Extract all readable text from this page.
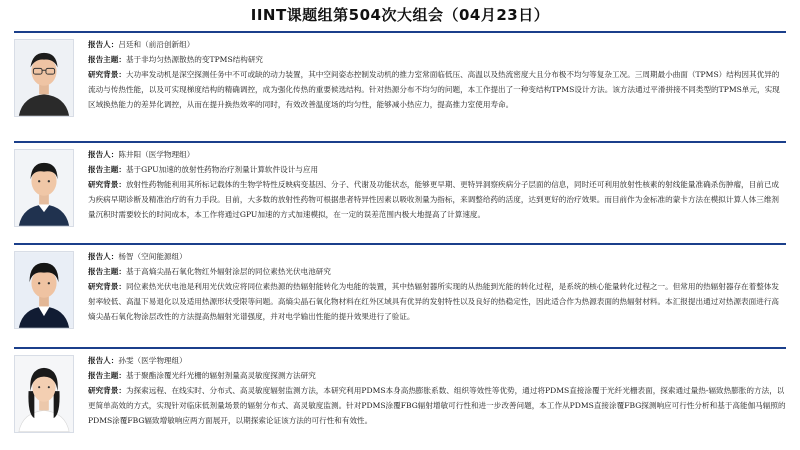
IINT课题组第504次大组会（04月23日）
报告人：吕廷和（前沿创新组）
报告主题：基于非均匀热源散热的变TPMS结构研究
研究背景：大功率发动机是深空探测任务中不可或缺的动力装置，其中空间姿态控制发动机的推力室常面临低压、高温以及热流密度大且分布极不均匀等复杂工况。三周期最小曲面（TPMS）结构因其优异的流动与传热性能，以及可实现梯度结构的精确调控，成为强化传热的重要候选结构。针对热源分布不均匀的问题，本工作提出了一种变结构TPMS设计方法。该方法通过平滑拼接不同类型的TPMS单元，实现区域换热能力的差异化调控，从而在提升换热效率的同时，有效改善温度场的均匀性，能够减小热应力，提高推力室使用寿命。
报告人：陈井阳（医学物理组）
报告主题：基于GPU加速的放射性药物治疗剂量计算软件设计与应用
研究背景：放射性药物能利用其所标记载体的生物学特性反映病变基因、分子、代谢及功能状态，能够更早期、更特异洞察疾病分子层面的信息，同时还可利用放射性核素的射线能量准确杀伤肿瘤，目前已成为疾病早期诊断及精准治疗的有力手段。目前，大多数的放射性药物可根据患者特异性因素以吸收剂量为指标，来调整给药的活度，达到更好的治疗效果。而目前作为金标准的蒙卡方法在模拟计算人体三维剂量沉积时需要较长的时间成本，本工作将通过GPU加速的方式加速模拟，在一定的误差范围内极大地提高了计算速度。
报告人：杨智（空间能源组）
报告主题：基于高熵尖晶石氧化物红外辐射涂层的同位素热光伏电池研究
研究背景：同位素热光伏电池是利用光伏效应将同位素热源的热辐射能转化为电能的装置，其中热辐射器所实现的从热能到光能的转化过程，是系统的核心能量转化过程之一。但常用的热辐射器存在着整体发射率较低、高温下易退化以及适用热源形状受限等问题。高熵尖晶石氧化物材料在红外区域具有优异的发射特性以及良好的热稳定性，因此适合作为热源表面的热辐射材料。本汇报提出通过对热源表面进行高熵尖晶石氧化物涂层改性的方法提高热辐射光谱强度，并对电学输出性能的提升效果进行了验证。
报告人：孙雯（医学物理组）
报告主题：基于聚酯涂覆光纤光栅的辐射剂量高灵敏度探测方法研究
研究背景：为探索远程、在线实时、分布式、高灵敏度辐射监测方法，本研究利用PDMS本身高热膨胀系数、组织等效性等优势，通过将PDMS直接涂覆于光纤光栅表面，探索通过量热-辐致热膨胀的方法，以更简单高效的方式，实现针对临床低剂量场景的辐射分布式、高灵敏度监测。针对PDMS涂覆FBG辐射增敏可行性和进一步改善问题，本工作从PDMS直接涂覆FBG探测响应可行性分析和基于高能伽马辐照的PDMS涂覆FBG辐致增敏响应两方面展开，以期探索论证该方法的可行性和有效性。
